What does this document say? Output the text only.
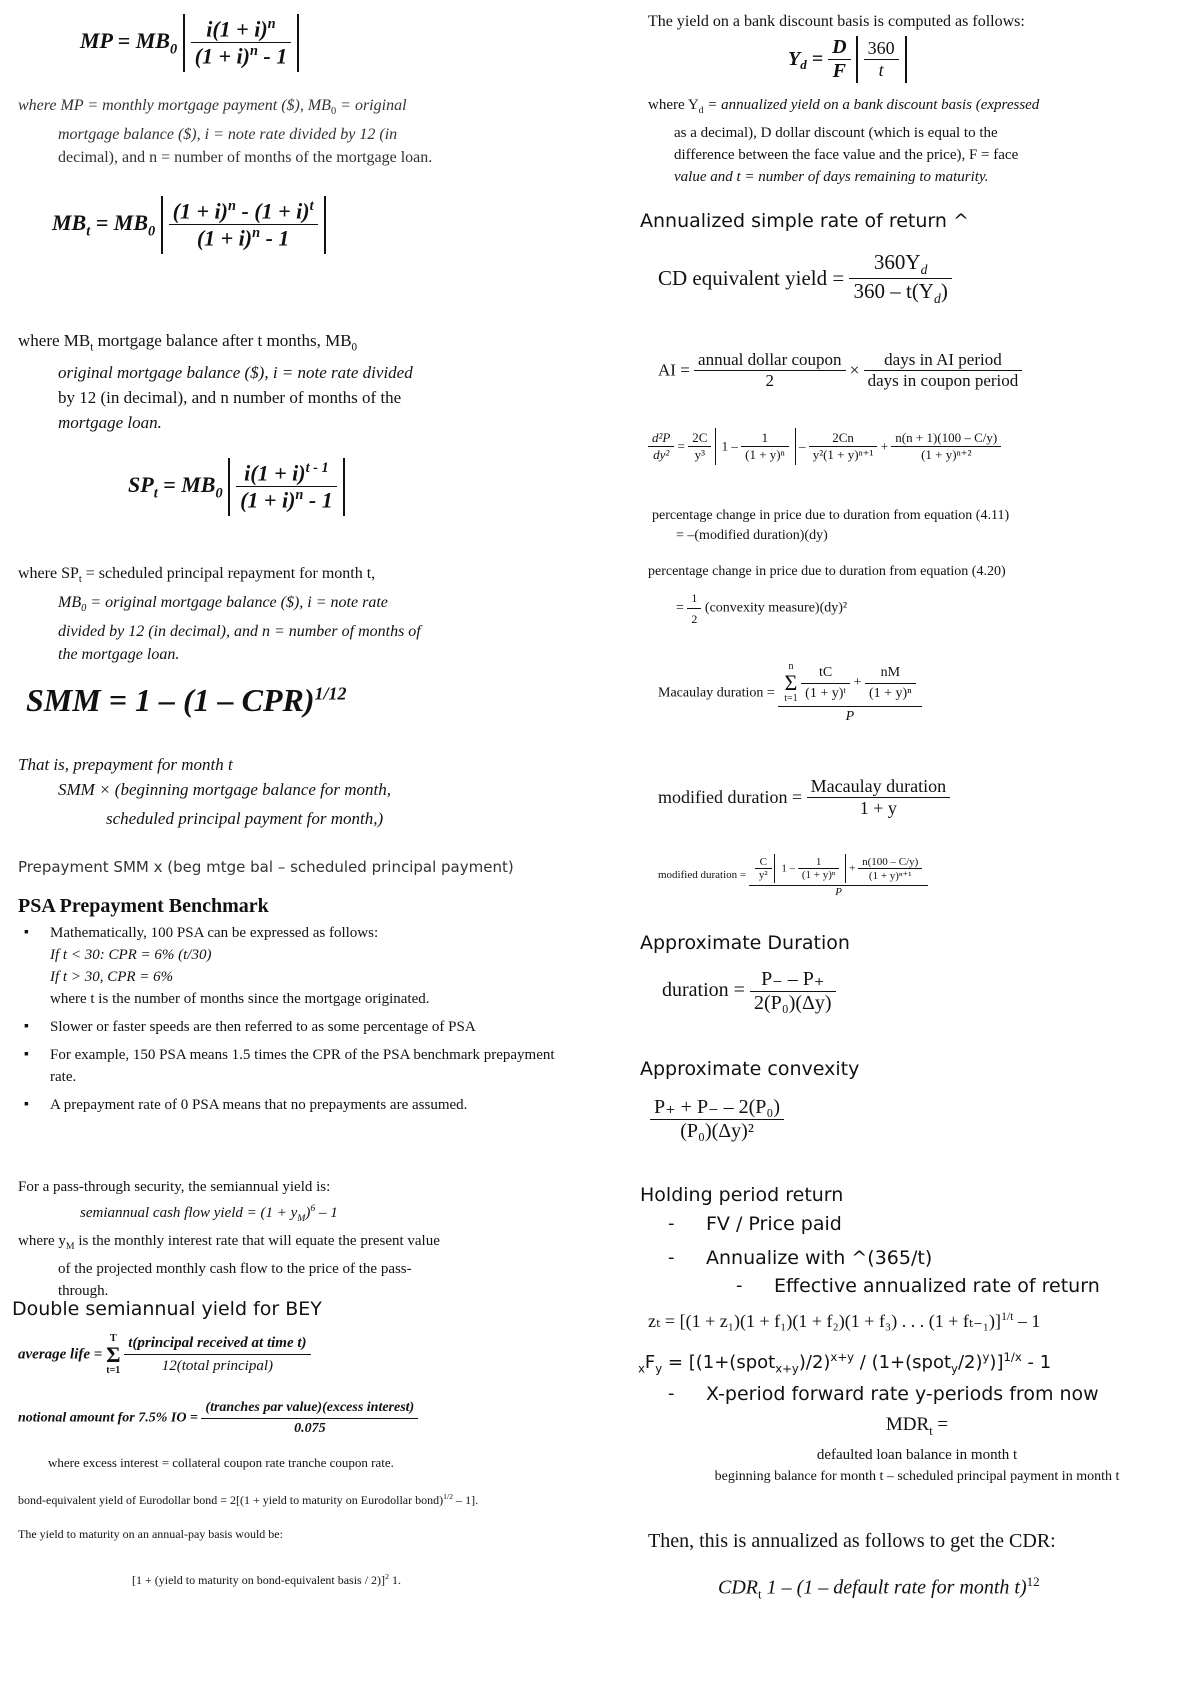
MP = $MB_0 \frac{i(1 + i)^n}{(1 + i)^n - 1}$
where MP = monthly mortgage payment ($), $MB_0$ = original
mortgage balance ($), i = note rate divided by 12 (in
decimal), and n = number of months of the mortgage loan.
$MB_t = MB_0 \frac{(1 + i)^n - (1 + i)^t}{(1 + i)^n - 1}$
where $MB_t$ mortgage balance after t months, $MB_0$
original mortgage balance ($), i = note rate divided
by 12 (in decimal), and n number of months of the
mortgage loan.
$SP_t = MB_0 \frac{i(1 + i)^{t - 1}}{(1 + i)^n - 1}$
where $SP_t$ = scheduled principal repayment for month t,
$MB_0$ = original mortgage balance ($), i = note rate
divided by 12 (in decimal), and n = number of months of
the mortgage loan.
SMM = 1 – (1 – CPR)$^{1/12}$
That is, prepayment for month t
SMM × (beginning mortgage balance for month,
scheduled principal payment for month,)
Prepayment SMM x (beg mtge bal – scheduled principal payment)
PSA Prepayment Benchmark
▪ Mathematically, 100 PSA can be expressed as follows:
If t < 30: CPR = 6% (t/30)
If t > 30, CPR = 6%
where t is the number of months since the mortgage originated.
▪ Slower or faster speeds are then referred to as some percentage of PSA
▪ For example, 150 PSA means 1.5 times the CPR of the PSA benchmark prepayment rate.
▪ A prepayment rate of 0 PSA means that no prepayments are assumed.
For a pass-through security, the semiannual yield is:
semiannual cash flow yield = $(1 + y_M)^6 - 1$
where $y_M$ is the monthly interest rate that will equate the present value
of the projected monthly cash flow to the price of the pass-
through.
Double semiannual yield for BEY
average life =
T
Σ
t=1
$\frac{\text{t(principal received at time t)}}{\text{12(total principal)}}$
notional amount for 7.5% IO = $\frac{\text{(tranches par value)(excess interest)}}{0.075}$
where excess interest = collateral coupon rate tranche coupon rate.
bond-equivalent yield of Eurodollar bond = 2[(1 + yield to maturity on Eurodollar bond)$^{1/2}$ – 1].
The yield to maturity on an annual-pay basis would be:
[1 + (yield to maturity on bond-equivalent basis / 2)]$^2$ 1.
The yield on a bank discount basis is computed as follows:
$Y_d = \frac{D}{F}$
$\frac{360}{t}$
where $Y_d$ = annualized yield on a bank discount basis (expressed
as a decimal), D dollar discount (which is equal to the
difference between the face value and the price), F = face
value and t = number of days remaining to maturity.
Annualized simple rate of return ^
CD equivalent yield = $\frac{360Y_d}{360 - t(Y_d)}$
AI = $\frac{\text{annual dollar coupon}}{2} \times \frac{\text{days in AI period}}{\text{days in coupon period}}$
$\frac{\text{d²P}}{\text{dy²}} = \frac{2C}{\text{y³}} 1 - \frac{1}{\text{(1 + y)ⁿ}} - \frac{2Cn}{\text{y²(1 + y)ⁿ⁺¹}} + \frac{n(n + 1)(100 - C/y)}{\text{(1 + y)ⁿ⁺²}}$
percentage change in price due to duration from equation (4.11)
= –(modified duration)(dy)
percentage change in price due to duration from equation (4.20)
= $\frac{1}{2}$ (convexity measure)(dy)²
Macaulay duration =
n
Σ
t=1
$\frac{tC}{\text{(1 + y)ᵗ}} + \frac{nM}{\text{(1 + y)ⁿ}}$
P
modified duration = $\frac{\text{Macaulay duration}}{1 + y}$
modified duration = $\frac{C}{\text{y²}} 1 - \frac{1}{\text{(1 + y)ⁿ}} + \frac{n(100 - C/y)}{\text{(1 + y)ⁿ⁺¹}}$
P
Approximate Duration
duration = $\frac{P_- - P_+}{\text{2(P₀)(Δy)}}$
Approximate convexity
$\frac{\text{P₊ + P₋ – 2(P₀)}}{\text{(P₀)(Δy)²}}$
Holding period return
- FV / Price paid
- Annualize with ^(365/t)
- Effective annualized rate of return
zₜ = [(1 + z₁)(1 + f₁)(1 + f₂)(1 + f₃) . . . (1 + fₜ₋₁)]$^{1/t}$ – 1
$_xF_y$ = [(1+(spot$_{x+y}$)/2)$^{x+y}$ / (1+(spot$_y$/2)$^y$)]$^{1/x}$ - 1
- X-period forward rate y-periods from now
$MDR_t$ =
defaulted loan balance in month t
beginning balance for month t – scheduled principal payment in month t
Then, this is annualized as follows to get the CDR:
$CDR_t$ 1 – (1 – default rate for month t)$^{12}$
